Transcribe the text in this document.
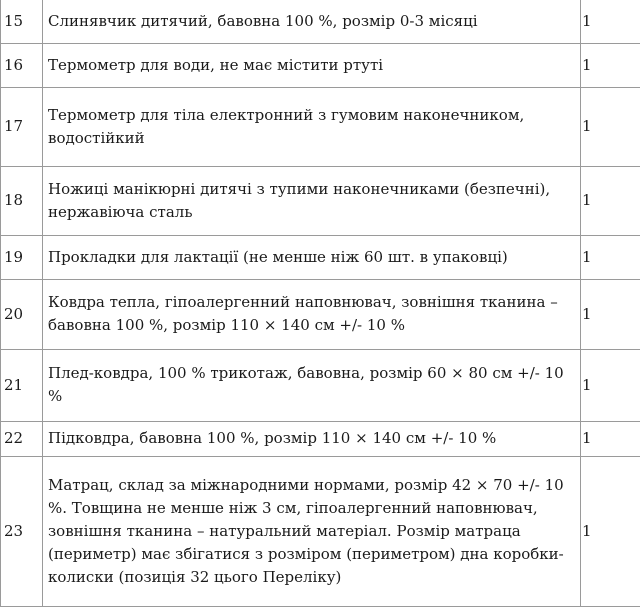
15	Слинявчик дитячий, бавовна 100 %, розмір 0-3 місяці	1
16	Термометр для води, не має містити ртуті	1
17	Термометр для тіла електронний з гумовим наконечником, водостійкий	1
18	Ножиці манікюрні дитячі з тупими наконечниками (безпечні), нержавіюча сталь	1
19	Прокладки для лактації (не менше ніж 60 шт. в упаковці)	1
20	Ковдра тепла, гіпоалергенний наповнювач, зовнішня тканина – бавовна 100 %, розмір 110 × 140 см +/- 10 %	1
21	Плед-ковдра, 100 % трикотаж, бавовна, розмір 60 × 80 см +/- 10 %	1
22	Підковдра, бавовна 100 %, розмір 110 × 140 см +/- 10 %	1
23	Матрац, склад за міжнародними нормами, розмір 42 × 70 +/- 10 %. Товщина не менше ніж 3 см, гіпоалергенний наповнювач, зовнішня тканина – натуральний матеріал. Розмір матраца (периметр) має збігатися з розміром (периметром) дна коробки-колиски (позиція 32 цього Переліку)	1
